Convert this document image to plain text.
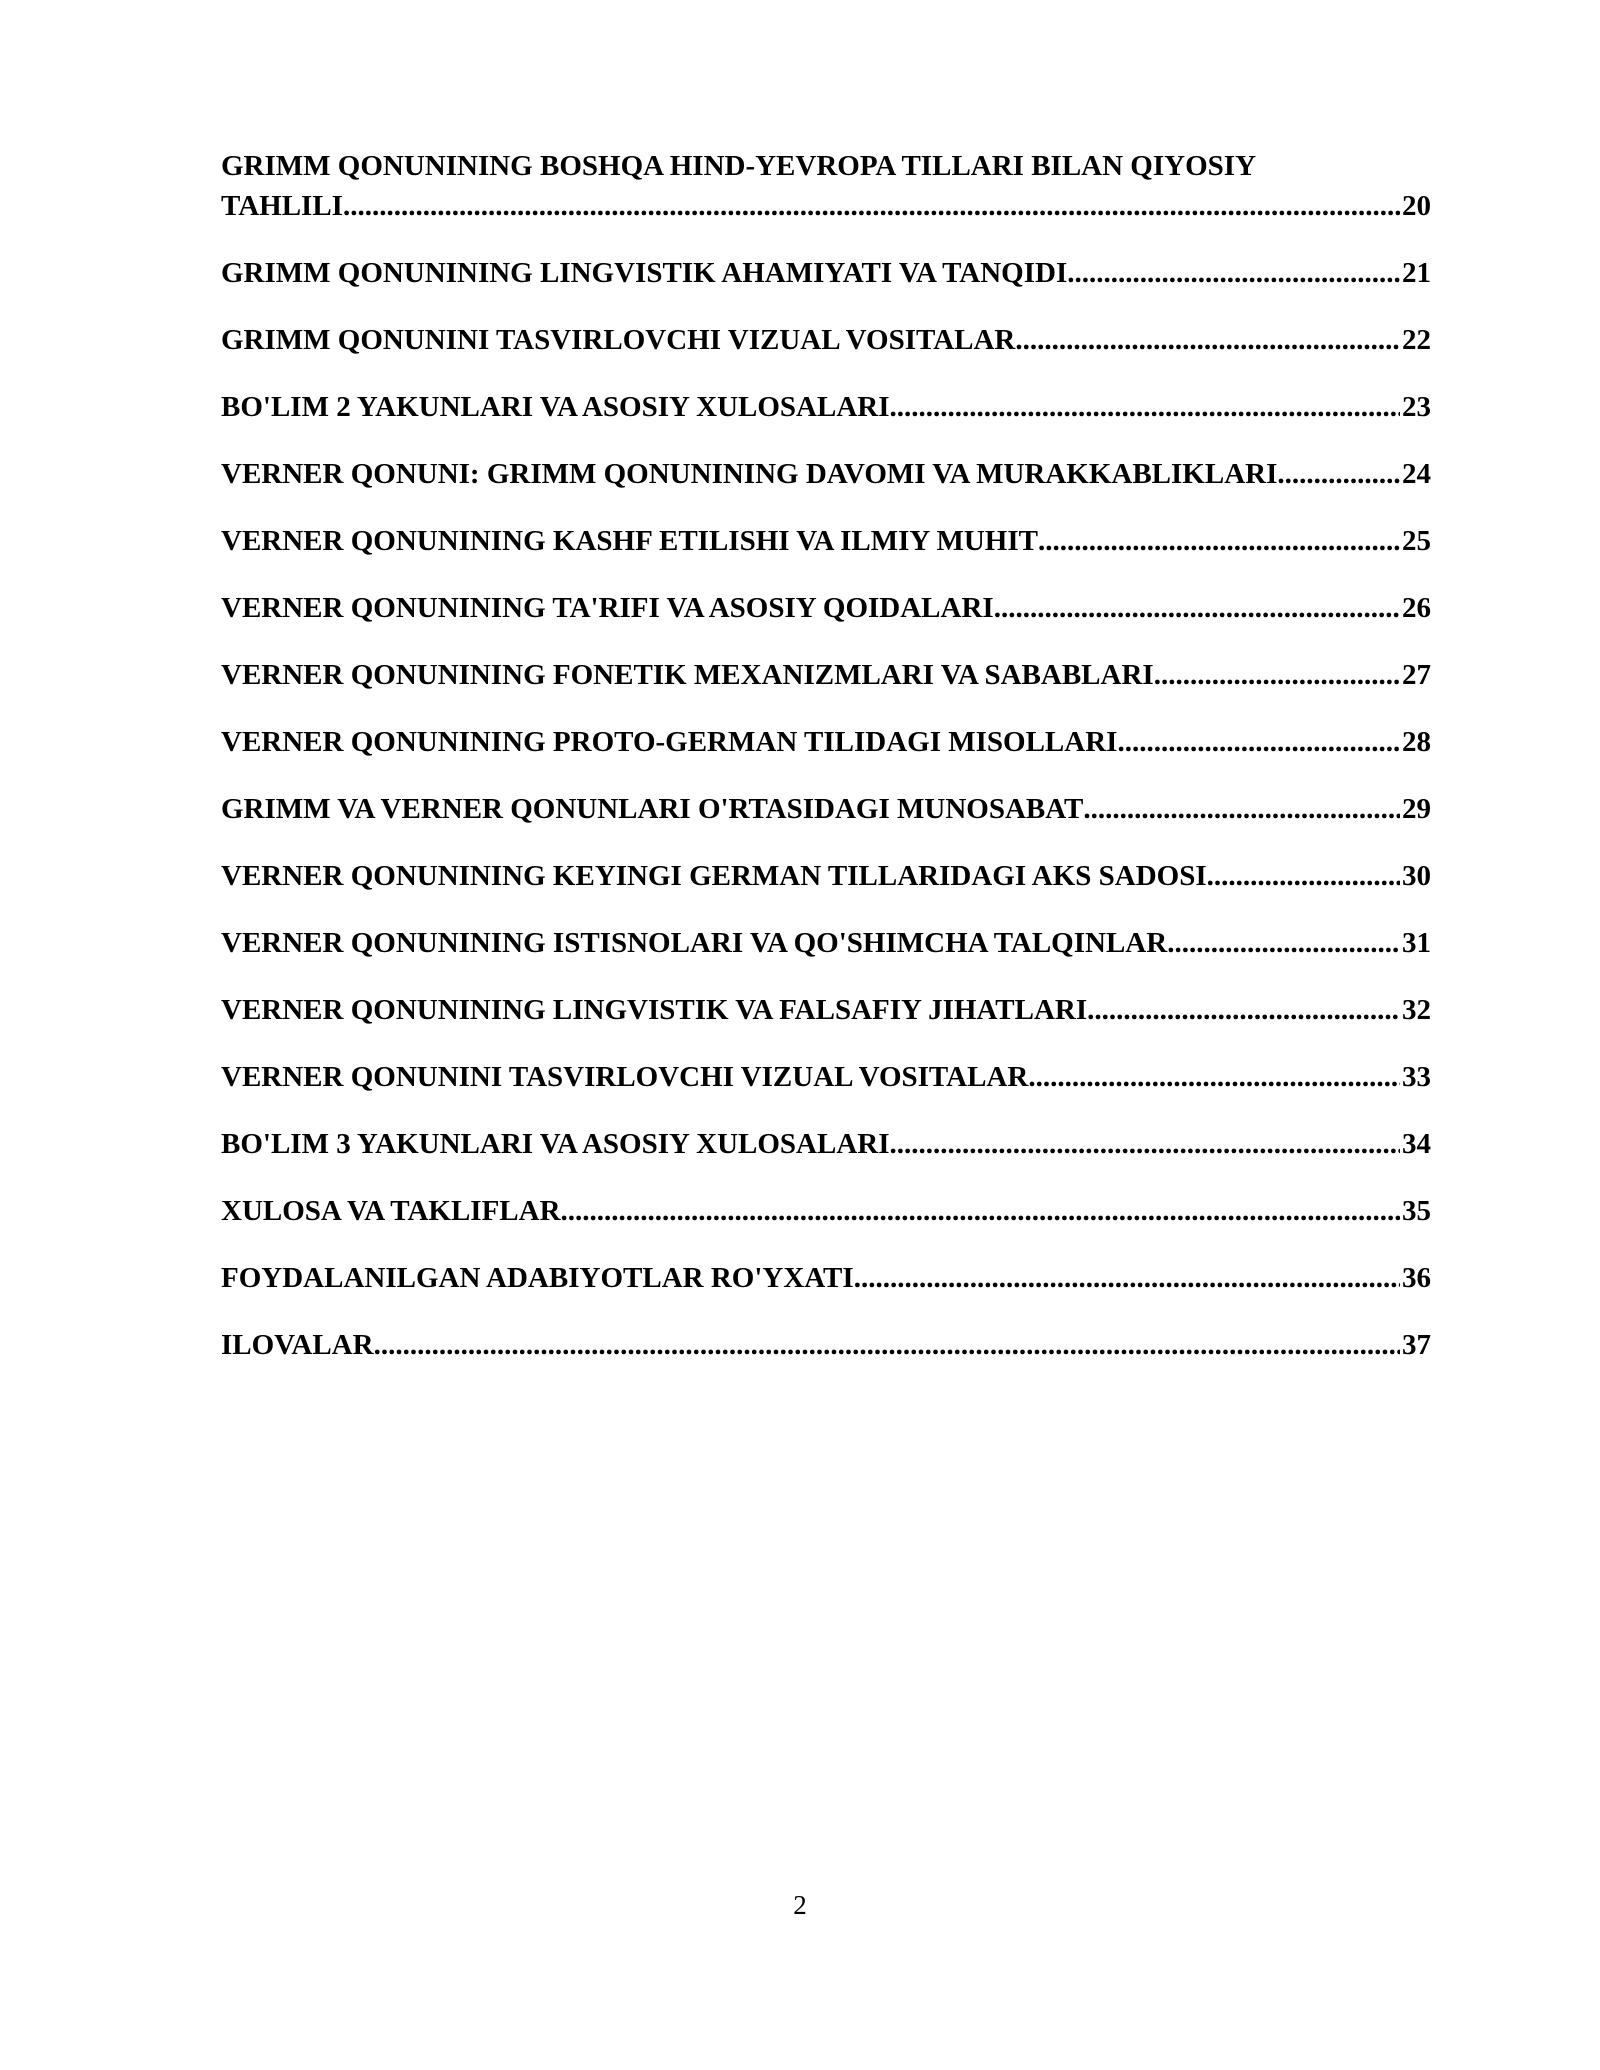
GRIMM QONUNINING BOSHQA HIND-YEVROPA TILLARI BILAN QIYOSIY
TAHLILI .....	20
GRIMM QONUNINING LINGVISTIK AHAMIYATI VA TANQIDI .....	21
GRIMM QONUNINI TASVIRLOVCHI VIZUAL VOSITALAR .....	22
BO'LIM 2 YAKUNLARI VA ASOSIY XULOSALARI .....	23
VERNER QONUNI: GRIMM QONUNINING DAVOMI VA MURAKKABLIKLARI .....	24
VERNER QONUNINING KASHF ETILISHI VA ILMIY MUHIT .....	25
VERNER QONUNINING TA'RIFI VA ASOSIY QOIDALARI .....	26
VERNER QONUNINING FONETIK MEXANIZMLARI VA SABABLARI .....	27
VERNER QONUNINING PROTO-GERMAN TILIDAGI MISOLLARI .....	28
GRIMM VA VERNER QONUNLARI O'RTASIDAGI MUNOSABAT .....	29
VERNER QONUNINING KEYINGI GERMAN TILLARIDAGI AKS SADOSI .....	30
VERNER QONUNINING ISTISNOLARI VA QO'SHIMCHA TALQINLAR .....	31
VERNER QONUNINING LINGVISTIK VA FALSAFIY JIHATLARI .....	32
VERNER QONUNINI TASVIRLOVCHI VIZUAL VOSITALAR .....	33
BO'LIM 3 YAKUNLARI VA ASOSIY XULOSALARI .....	34
XULOSA VA TAKLIFLAR .....	35
FOYDALANILGAN ADABIYOTLAR RO'YXATI .....	36
ILOVALAR .....	37
2
